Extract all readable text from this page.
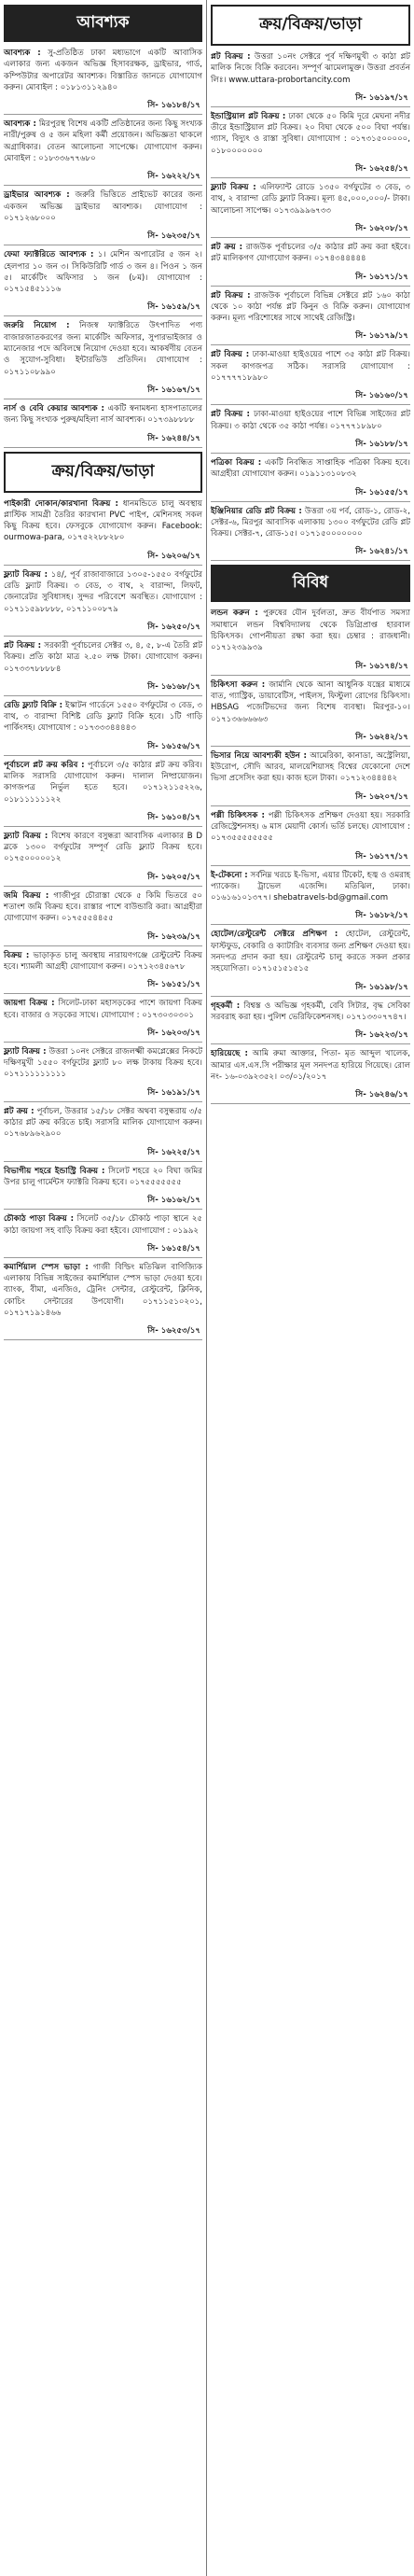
আবশ্যক
আবশ্যক : সু-প্রতিষ্ঠিত ঢাকা মধ্যভাগে একটি আবাসিক এলাকার জন্য একজন অভিজ্ঞ হিসাবরক্ষক, ড্রাইভার, গার্ড, কম্পিউটার অপারেটর আবশ্যক। বিস্তারিত জানতে যোগাযোগ করুন। মোবাইল : ০১৮১৩১১২৯৪০
সি- ১৬১৮৪/১৭
আবশ্যক : মিরপুরস্থ বিশেষ একটি প্রতিষ্ঠানের জন্য কিছু সংখ্যক নারী/পুরুষ ও ৫ জন মহিলা কর্মী প্রয়োজন। অভিজ্ঞতা থাকলে অগ্রাধিকার। বেতন আলোচনা সাপেক্ষে। যোগাযোগ করুন। মোবাইল : ০১৮৩৩৬৭৭৬৮০
সি- ১৬২২২/১৭
ড্রাইভার আবশ্যক : জরুরি ভিত্তিতে প্রাইভেট কারের জন্য একজন অভিজ্ঞ ড্রাইভার আবশ্যক। যোগাযোগ : ০১৭১২৬৮০০০
সি- ১৬২৩৫/১৭
ফেমা ফ্যাক্টরিতে আবশ্যক : ১। মেশিন অপারেটর ৫ জন ২। হেলপার ১০ জন ৩। সিকিউরিটি গার্ড ৩ জন ৪। পিওন ১ জন ৫। মার্কেটিং অফিসার ১ জন (৮ম)। যোগাযোগ : ০১৭১৫৪৫১১১৬
সি- ১৬১৫৯/১৭
জরুরি নিয়োগ : নিজস্ব ফ্যাক্টরিতে উৎপাদিত পণ্য বাজারজাতকরণের জন্য মার্কেটিং অফিসার, সুপারভাইজার ও ম্যানেজার পদে অবিলম্বে নিয়োগ দেওয়া হবে। আকর্ষণীয় বেতন ও সুযোগ-সুবিধা। ইন্টারভিউ প্রতিদিন। যোগাযোগ : ০১৭১১০৮৯৯০
সি- ১৬১৬৭/১৭
নার্স ও বেবি কেয়ার আবশ্যক : একটি স্বনামধন্য হাসপাতালের জন্য কিছু সংখ্যক পুরুষ/মহিলা নার্স আবশ্যক। ০১৭৩৯৮৮৮৮
সি- ১৬২৪৪/১৭
ক্রয়/বিক্রয়/ভাড়া
পাইকারী দোকান/কারখানা বিক্রয় : ধানমন্ডিতে চালু অবস্থায় প্লাস্টিক সামগ্রী তৈরির কারখানা PVC পাইপ, মেশিনসহ সকল কিছু বিক্রয় হবে। ফেসবুকে যোগাযোগ করুন। Facebook: ourmowa-para, ০১৭৫২২৮৮২৮০
সি- ১৬২০৬/১৭
ফ্ল্যাট বিক্রয় : ১৪/, পূর্ব রাজাবাজারে ১৩০৫-১৫৫০ বর্গফুটের রেডি ফ্ল্যাট বিক্রয়। ৩ বেড, ৩ বাথ, ২ বারান্দা, লিফট, জেনারেটর সুবিধাসহ। সুন্দর পরিবেশে অবস্থিত। যোগাযোগ : ০১৭১১৫৯৮৮৮৮, ০১৭১১০০৮৭৯
সি- ১৬২৫০/১৭
প্লট বিক্রয় : সরকারী পূর্বাচলের সেক্টর ৩, ৪, ৫, ৮-এ তৈরি প্লট বিক্রয়। প্রতি কাঠা মাত্র ২.৫০ লক্ষ টাকা। যোগাযোগ করুন। ০১৭৩৩৭৮৮৮৮৪
সি- ১৬১৬৮/১৭
রেডি ফ্ল্যাট বিক্রি : ইস্কাটন গার্ডেনে ১৫৫০ বর্গফুটের ৩ বেড, ৩ বাথ, ৩ বারান্দা বিশিষ্ট রেডি ফ্ল্যাট বিক্রি হবে। ১টি গাড়ি পার্কিংসহ। যোগাযোগ : ০১৭৩৩৩৪৪৪৪৩
সি- ১৬১৫৬/১৭
পূর্বাচলে প্লট ক্রয় করিব : পূর্বাচলে ৩/৫ কাঠার প্লট ক্রয় করিব। মালিক সরাসরি যোগাযোগ করুন। দালাল নিষ্প্রয়োজন। কাগজপত্র নির্ভুল হতে হবে। ০১৭১২১১৫২২৬, ০১৮১১১১১১২২
সি- ১৬১০৪/১৭
ফ্ল্যাট বিক্রয় : বিশেষ কারণে বসুন্ধরা আবাসিক এলাকার B D ব্লকে ১৩০০ বর্গফুটের সম্পূর্ণ রেডি ফ্ল্যাট বিক্রয় হবে। ০১৭৫০০০০০১২
সি- ১৬২০৫/১৭
জমি বিক্রয় : গাজীপুর চৌরাস্তা থেকে ৫ কিমি ভিতরে ৫০ শতাংশ জমি বিক্রয় হবে। রাস্তার পাশে বাউন্ডারি করা। আগ্রহীরা যোগাযোগ করুন। ০১৭৫৫৫৪৪৫৫
সি- ১৬২৩৯/১৭
বিক্রয় : ভাড়াকৃত চালু অবস্থায় নারায়ণগঞ্জে রেস্টুরেন্ট বিক্রয় হবে। শ্যামলী আগ্রহী যোগাযোগ করুন। ০১৭১২৩৪৫৬৭৮
সি- ১৬১৫১/১৭
জায়গা বিক্রয় : সিলেট-ঢাকা মহাসড়কের পাশে জায়গা বিক্রয় হবে। বাজার ও সড়কের সাথে। যোগাযোগ : ০১৭৩০৩০৩০১
সি- ১৬২০৩/১৭
ফ্ল্যাট বিক্রয় : উত্তরা ১০নং সেক্টরে রাজলক্ষ্মী কমপ্লেক্সের নিকটে দক্ষিণমুখী ১৫৫০ বর্গফুটের ফ্ল্যাট ৮০ লক্ষ টাকায় বিক্রয় হবে। ০১৭১১১১১১১১১
সি- ১৬১৯১/১৭
প্লট ক্রয় : পূর্বাচল, উত্তরার ১৫/১৮ সেক্টর অথবা বসুন্ধরায় ৩/৫ কাঠার প্লট ক্রয় করিতে চাই। সরাসরি মালিক যোগাযোগ করুন। ০১৭৬৮৯৬২৯০০
সি- ১৬২২৫/১৭
বিভাগীয় শহরে ইন্ডাস্ট্রি বিক্রয় : সিলেট শহরে ২০ বিঘা জমির উপর চালু গার্মেন্টস ফ্যাক্টরি বিক্রয় হবে। ০১৭৫৫৫৫৫৫৫
সি- ১৬১৬২/১৭
চৌকাঠ পাড়া বিক্রয় : সিলেট ৩৫/১৮ চৌকাঠ পাড়া স্থানে ২৫ কাঠা জায়গা সহ বাড়ি বিক্রয় করা হইবে। যোগাযোগ : ০১৯৯২
সি- ১৬১৫৪/১৭
কমার্শিয়াল স্পেস ভাড়া : গাজী বিল্ডিং মতিঝিল বাণিজ্যিক এলাকায় বিভিন্ন সাইজের কমার্শিয়াল স্পেস ভাড়া দেওয়া হবে। ব্যাংক, বীমা, এনজিও, ট্রেনিং সেন্টার, রেস্টুরেন্ট, ক্লিনিক, কোচিং সেন্টারের উপযোগী। ০১৭১১৫১০২০১, ০১৭১৭১৯১৪৬৬
সি- ১৬২৫৩/১৭
ক্রয়/বিক্রয়/ভাড়া
প্লট বিক্রয় : উত্তরা ১০নং সেক্টরে পূর্ব দক্ষিণমুখী ৩ কাঠা প্লট মালিক নিজে বিক্রি করবেন। সম্পূর্ণ ঝামেলামুক্ত। উত্তরা প্রবর্তন লিঃ। www.uttara-probortancity.com
সি- ১৬১৯৭/১৭
ইন্ডাস্ট্রিয়াল প্লট বিক্রয় : ঢাকা থেকে ৫০ কিমি দূরে মেঘনা নদীর তীরে ইন্ডাস্ট্রিয়াল প্লট বিক্রয়। ২০ বিঘা থেকে ৫০০ বিঘা পর্যন্ত। গ্যাস, বিদ্যুৎ ও রাস্তা সুবিধা। যোগাযোগ : ০১৭৩১৫০০০০০, ০১৮০০০০০০০
সি- ১৬২৫৪/১৭
ফ্ল্যাট বিক্রয় : এলিফ্যান্ট রোডে ১৩৫০ বর্গফুটের ৩ বেড, ৩ বাথ, ২ বারান্দা রেডি ফ্ল্যাট বিক্রয়। মূল্য ৪৫,০০০,০০০/- টাকা। আলোচনা সাপেক্ষ। ০১৭৩৯৯৯৬৭৩৩
সি- ১৬২০৮/১৭
প্লট ক্রয় : রাজউক পূর্বাচলের ৩/৫ কাঠার প্লট ক্রয় করা হইবে। প্লট মালিকগণ যোগাযোগ করুন। ০১৭৪৩৪৪৪৪৪
সি- ১৬১৭১/১৭
প্লট বিক্রয় : রাজউক পূর্বাচলে বিভিন্ন সেক্টরে প্লট ১৬০ কাঠা থেকে ১০ কাঠা পর্যন্ত প্লট কিনুন ও বিক্রি করুন। যোগাযোগ করুন। মূল্য পরিশোধের সাথে সাথেই রেজিস্ট্রি।
সি- ১৬১৭৯/১৭
প্লট বিক্রয় : ঢাকা-মাওয়া হাইওয়ের পাশে ৩৫ কাঠা প্লট বিক্রয়। সকল কাগজপত্র সঠিক। সরাসরি যোগাযোগ : ০১৭৭৭৭১৮৯৮০
সি- ১৬১৬০/১৭
প্লট বিক্রয় : ঢাকা-মাওয়া হাইওয়ের পাশে বিভিন্ন সাইজের প্লট বিক্রয়। ৩ কাঠা থেকে ৩৫ কাঠা পর্যন্ত। ০১৭৭৭১৮৯৮০
সি- ১৬১৮৮/১৭
পত্রিকা বিক্রয় : একটি নিবন্ধিত সাপ্তাহিক পত্রিকা বিক্রয় হবে। আগ্রহীরা যোগাযোগ করুন। ০১৯১১৩১০৮৩২
সি- ১৬১৫৫/১৭
ইঞ্জিনিয়ার রেডি প্লট বিক্রয় : উত্তরা ৩য় পর্ব, রোড-১, রোড-২, সেক্টর-৬, মিরপুর আবাসিক এলাকায় ১৩০০ বর্গফুটের রেডি প্লট বিক্রয়। সেক্টর-৭, রোড-১৫। ০১৭১৫০০০০০০০
সি- ১৬২৪১/১৭
বিবিধ
লন্ডন করুন : পুরুষের যৌন দুর্বলতা, দ্রুত বীর্যপাত সমস্যা সমাধানে লন্ডন বিশ্ববিদ্যালয় থেকে ডিগ্রিপ্রাপ্ত হারবাল চিকিৎসক। গোপনীয়তা রক্ষা করা হয়। চেম্বার : রাজধানী। ০১৭১২৩৯৯৩৯
সি- ১৬১৭৪/১৭
চিকিৎসা করুন : জার্মানি থেকে আনা আধুনিক যন্ত্রের মাধ্যমে বাত, গ্যাস্ট্রিক, ডায়াবেটিস, পাইলস, ফিস্টুলা রোগের চিকিৎসা। HBSAG পজেটিভদের জন্য বিশেষ ব্যবস্থা। মিরপুর-১০। ০১৭১৩৬৬৬৬৬৩
সি- ১৬২৪২/১৭
ভিসার নিয়ে আবশ্যকী হউন : আমেরিকা, কানাডা, অস্ট্রেলিয়া, ইউরোপ, সৌদি আরব, মালয়েশিয়াসহ বিশ্বের যেকোনো দেশে ভিসা প্রসেসিং করা হয়। কাজ হলে টাকা। ০১৭১২৩৪৪৪৪২
সি- ১৬২০৭/১৭
পল্লী চিকিৎসক : পল্লী চিকিৎসক প্রশিক্ষণ দেওয়া হয়। সরকারি রেজিস্ট্রেশনসহ। ৬ মাস মেয়াদী কোর্স। ভর্তি চলছে। যোগাযোগ : ০১৭৩৫৫৫৫৫৫৫৫
সি- ১৬১৭৭/১৭
ই-টেকনো : সর্বনিম্ন খরচে ই-ভিসা, এয়ার টিকেট, হজ্ব ও ওমরাহ প্যাকেজ। ট্রাভেল এজেন্সি। মতিঝিল, ঢাকা। ০১৬১৬১০১৩৭৭। shebatravels-bd@gmail.com
সি- ১৬১৮২/১৭
হোটেল/রেস্টুরেন্ট সেক্টরে প্রশিক্ষণ : হোটেল, রেস্টুরেন্ট, ফাস্টফুড, বেকারি ও ক্যাটারিং ব্যবসার জন্য প্রশিক্ষণ দেওয়া হয়। সনদপত্র প্রদান করা হয়। রেস্টুরেন্ট চালু করতে সকল প্রকার সহযোগিতা। ০১৭১৫১৫১৫১৫
সি- ১৬১৯৮/১৭
গৃহকর্মী : বিশ্বস্ত ও অভিজ্ঞ গৃহকর্মী, বেবি সিটার, বৃদ্ধ সেবিকা সরবরাহ করা হয়। পুলিশ ভেরিফিকেশনসহ। ০১৭১৩৩০৭৭৪৭।
সি- ১৬২২৩/১৭
হারিয়েছে : আমি রুমা আক্তার, পিতা- মৃত আব্দুল খালেক, আমার এস.এস.সি পরীক্ষার মূল সনদপত্র হারিয়ে গিয়েছে। রোল নং- ১৬-০৩৯২৩৫২। ০৩/০১/২০১৭
সি- ১৬২৪৬/১৭
